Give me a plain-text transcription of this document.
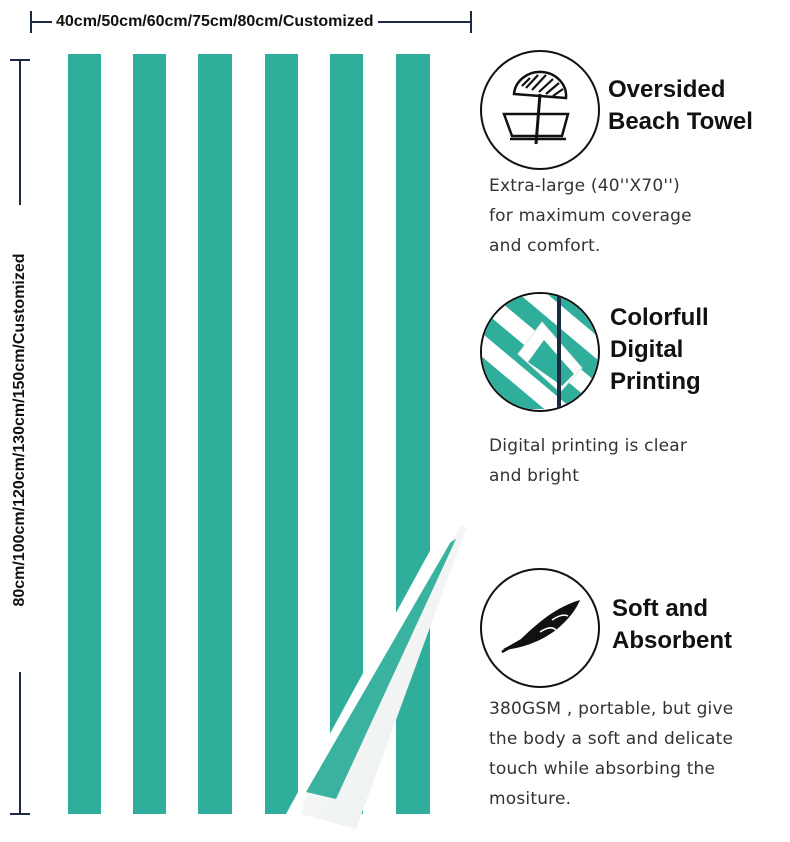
40cm/50cm/60cm/75cm/80cm/Customized
80cm/100cm/120cm/130cm/150cm/Customized
Oversided
Beach Towel
Extra-large (40''X70'')
for maximum coverage
and comfort.
Colorfull
Digital
Printing
Digital printing is clear
and bright
Soft and
Absorbent
380GSM , portable, but give
the body a soft and delicate
touch while absorbing the
mositure.
